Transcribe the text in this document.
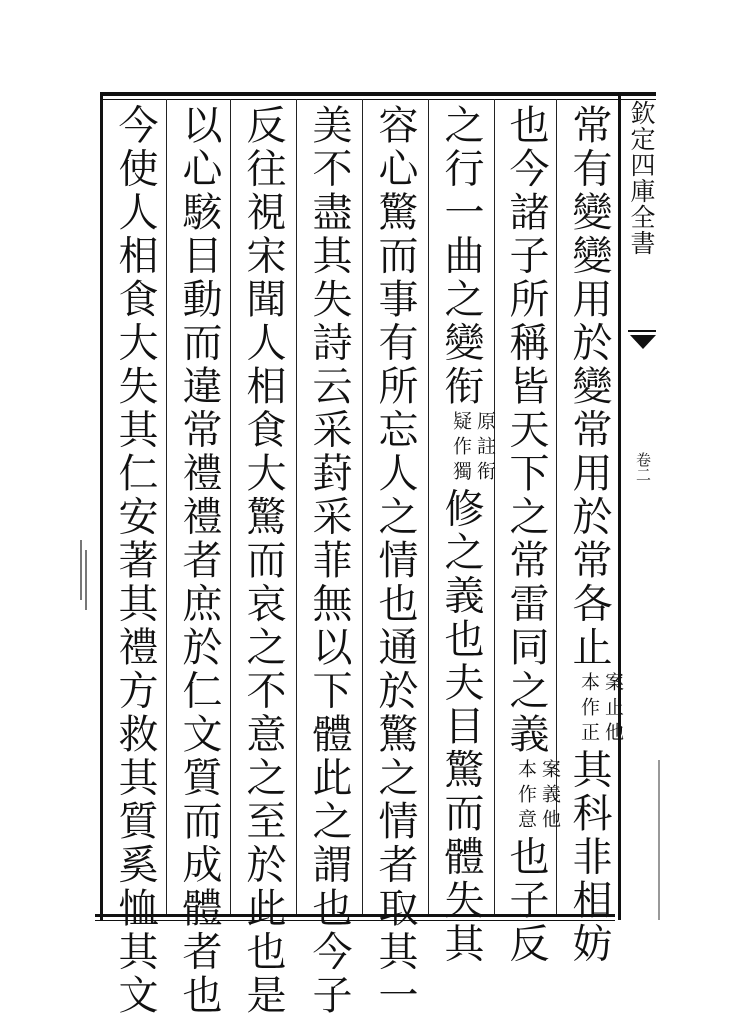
欽定四庫全書
卷二
常有變變用於變常用於常各止
案止他
本作正
其科非相妨
也今諸子所稱皆天下之常雷同之義
案義他
本作意
也子反
之行一曲之變衔
原註衔
疑作獨
修之義也夫目驚而體失其
容心驚而事有所忘人之情也通於驚之情者取其一
美不盡其失詩云采葑采菲無以下體此之謂也今子
反往視宋聞人相食大驚而哀之不意之至於此也是
以心駭目動而違常禮禮者庶於仁文質而成體者也
今使人相食大失其仁安著其禮方救其質奚恤其文
